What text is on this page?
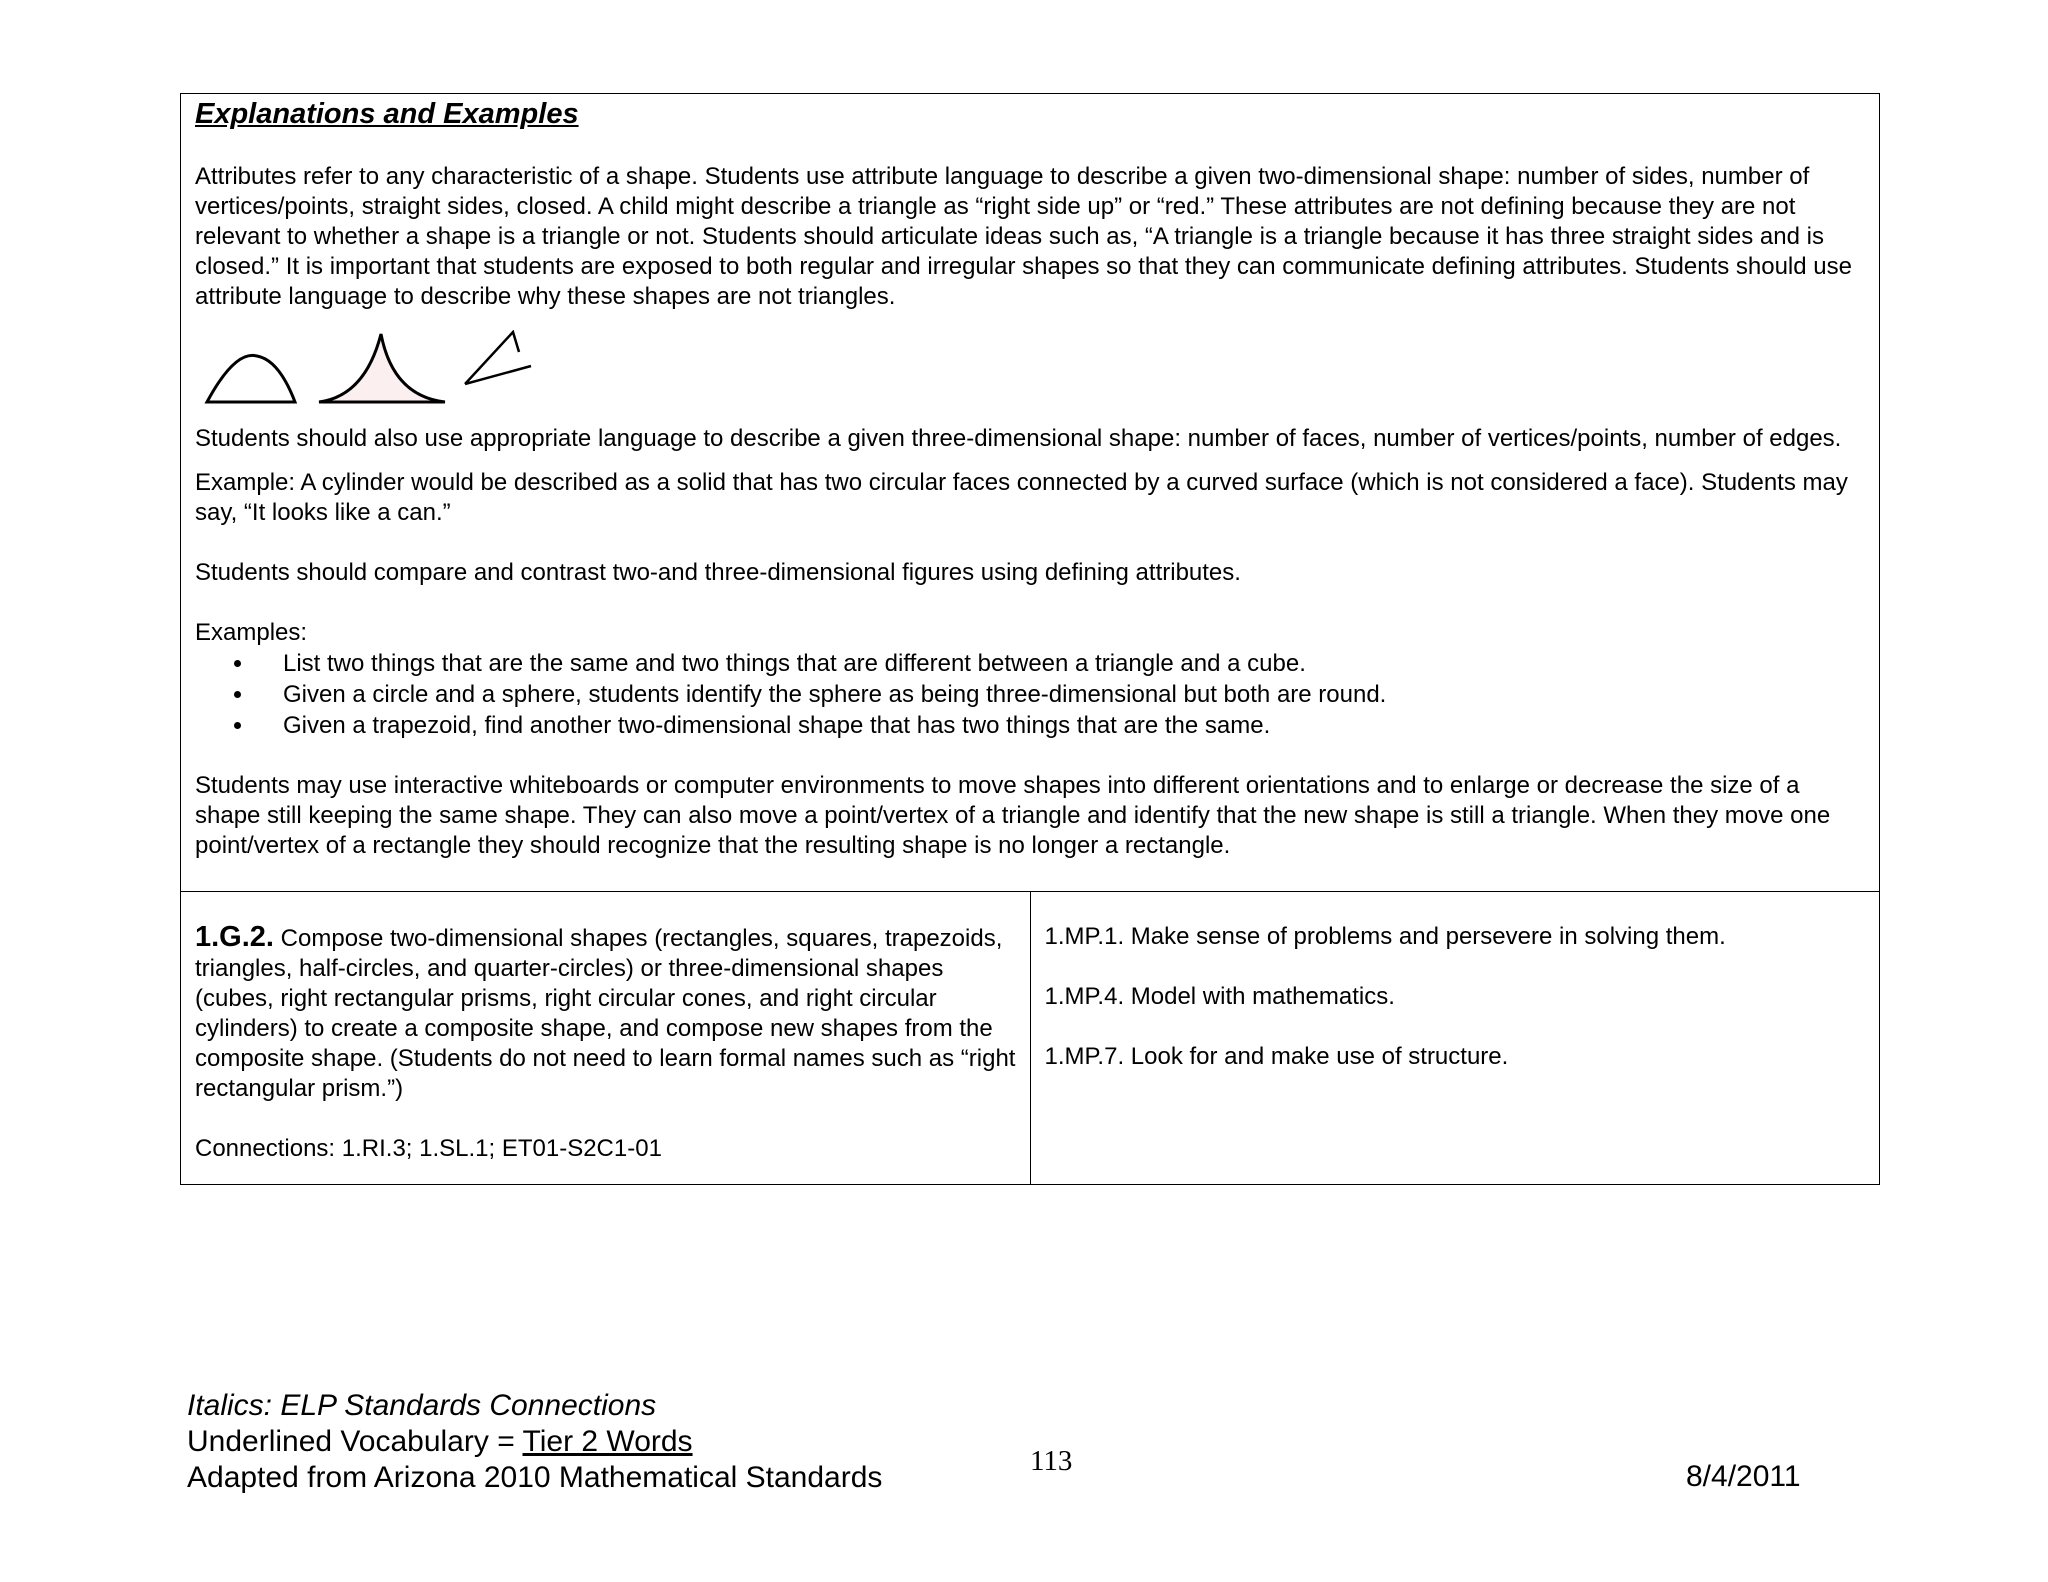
Explanations and Examples

Attributes refer to any characteristic of a shape. Students use attribute language to describe a given two-dimensional shape: number of sides, number of vertices/points, straight sides, closed. A child might describe a triangle as “right side up” or “red.” These attributes are not defining because they are not relevant to whether a shape is a triangle or not. Students should articulate ideas such as, “A triangle is a triangle because it has three straight sides and is closed.” It is important that students are exposed to both regular and irregular shapes so that they can communicate defining attributes. Students should use attribute language to describe why these shapes are not triangles.

Students should also use appropriate language to describe a given three-dimensional shape: number of faces, number of vertices/points, number of edges.

Example: A cylinder would be described as a solid that has two circular faces connected by a curved surface (which is not considered a face). Students may say, “It looks like a can.”

Students should compare and contrast two-and three-dimensional figures using defining attributes.

Examples:

• List two things that are the same and two things that are different between a triangle and a cube.
• Given a circle and a sphere, students identify the sphere as being three-dimensional but both are round.
• Given a trapezoid, find another two-dimensional shape that has two things that are the same.

Students may use interactive whiteboards or computer environments to move shapes into different orientations and to enlarge or decrease the size of a shape still keeping the same shape. They can also move a point/vertex of a triangle and identify that the new shape is still a triangle. When they move one point/vertex of a rectangle they should recognize that the resulting shape is no longer a rectangle.

1.G.2. Compose two-dimensional shapes (rectangles, squares, trapezoids, triangles, half-circles, and quarter-circles) or three-dimensional shapes (cubes, right rectangular prisms, right circular cones, and right circular cylinders) to create a composite shape, and compose new shapes from the composite shape. (Students do not need to learn formal names such as “right rectangular prism.”)

Connections: 1.RI.3; 1.SL.1; ET01-S2C1-01

1.MP.1. Make sense of problems and persevere in solving them.

1.MP.4. Model with mathematics.

1.MP.7. Look for and make use of structure.

Italics: ELP Standards Connections
Underlined Vocabulary = Tier 2 Words
Adapted from Arizona 2010 Mathematical Standards	113	8/4/2011
